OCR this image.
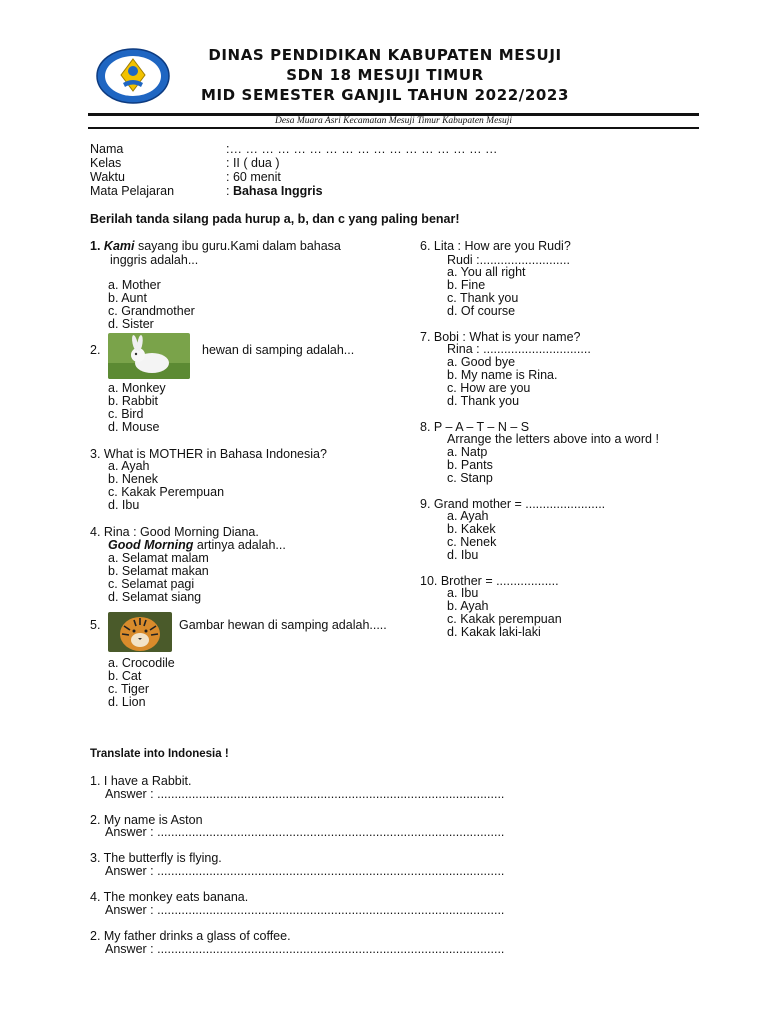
DINAS PENDIDIKAN KABUPATEN MESUJI
SDN 18 MESUJI TIMUR
MID SEMESTER GANJIL TAHUN 2022/2023
Desa Muara Asri Kecamatan Mesuji Timur Kabupaten Mesuji
Nama	:… … … … … … … … … … … … … … … … …
Kelas	: II ( dua )
Waktu	: 60 menit
Mata Pelajaran	: Bahasa Inggris
Berilah tanda silang pada hurup a, b, dan c yang paling benar!
1. Kami sayang ibu guru.Kami dalam bahasa
inggris adalah...
a. Mother
b. Aunt
c. Grandmother
d. Sister
2.	hewan di samping adalah...
a. Monkey
b. Rabbit
c. Bird
d. Mouse
3. What is MOTHER in Bahasa Indonesia?
a. Ayah
b. Nenek
c. Kakak Perempuan
d. Ibu
4. Rina : Good Morning Diana.
Good Morning artinya adalah...
a. Selamat malam
b. Selamat makan
c. Selamat pagi
d. Selamat siang
5.	Gambar hewan di samping adalah.....
a. Crocodile
b. Cat
c. Tiger
d. Lion
6. Lita : How are you Rudi?
Rudi :..........................
a. You all right
b. Fine
c. Thank you
d. Of course
7. Bobi : What is your name?
Rina : ...............................
a. Good bye
b. My name is Rina.
c. How are you
d. Thank you
8. P – A – T – N – S
Arrange the letters above into a word !
a. Natp
b. Pants
c. Stanp
9. Grand mother = .......................
a. Ayah
b. Kakek
c. Nenek
d. Ibu
10. Brother = ..................
a. Ibu
b. Ayah
c. Kakak perempuan
d. Kakak laki-laki
Translate into Indonesia !
1. I have a Rabbit.
Answer : ....................................................................................................
2. My name is Aston
Answer : ....................................................................................................
3. The butterfly is flying.
Answer : ....................................................................................................
4. The monkey eats banana.
Answer : ....................................................................................................
2. My father drinks a glass of coffee.
Answer : ....................................................................................................
